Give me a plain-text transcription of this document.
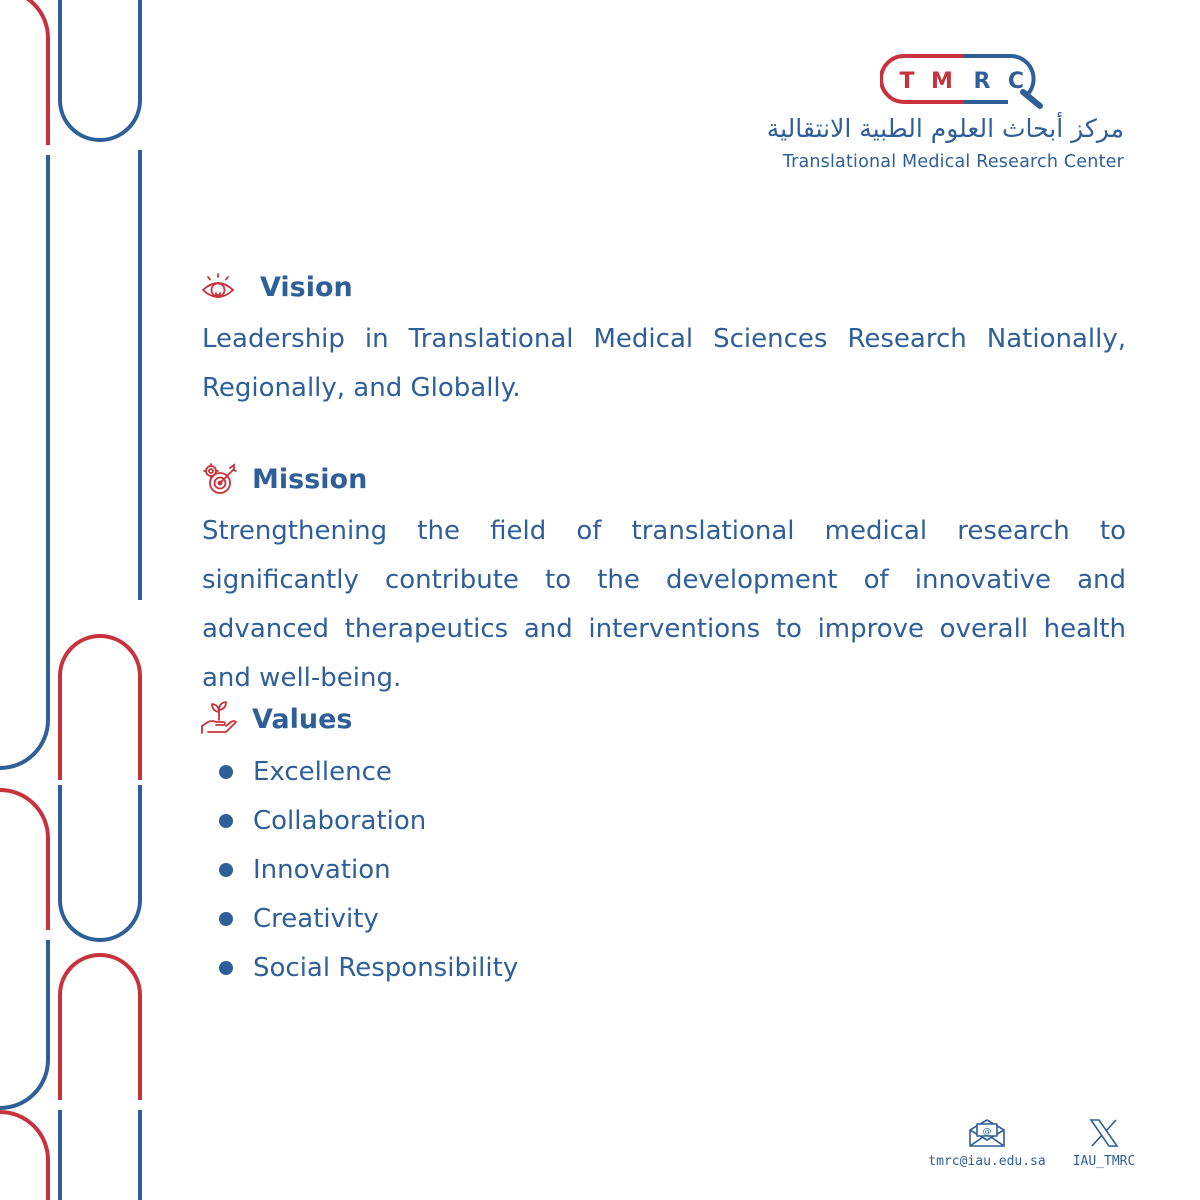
T M R C
مركز أبحاث العلوم الطبية الانتقالية
Translational Medical Research Center
Vision
Leadership in Translational Medical Sciences Research Nationally, Regionally, and Globally.
Mission
Strengthening the field of translational medical research to significantly contribute to the development of innovative and advanced therapeutics and interventions to improve overall health and well-being.
Values
Excellence
Collaboration
Innovation
Creativity
Social Responsibility
@
tmrc@iau.edu.sa	IAU_TMRC
